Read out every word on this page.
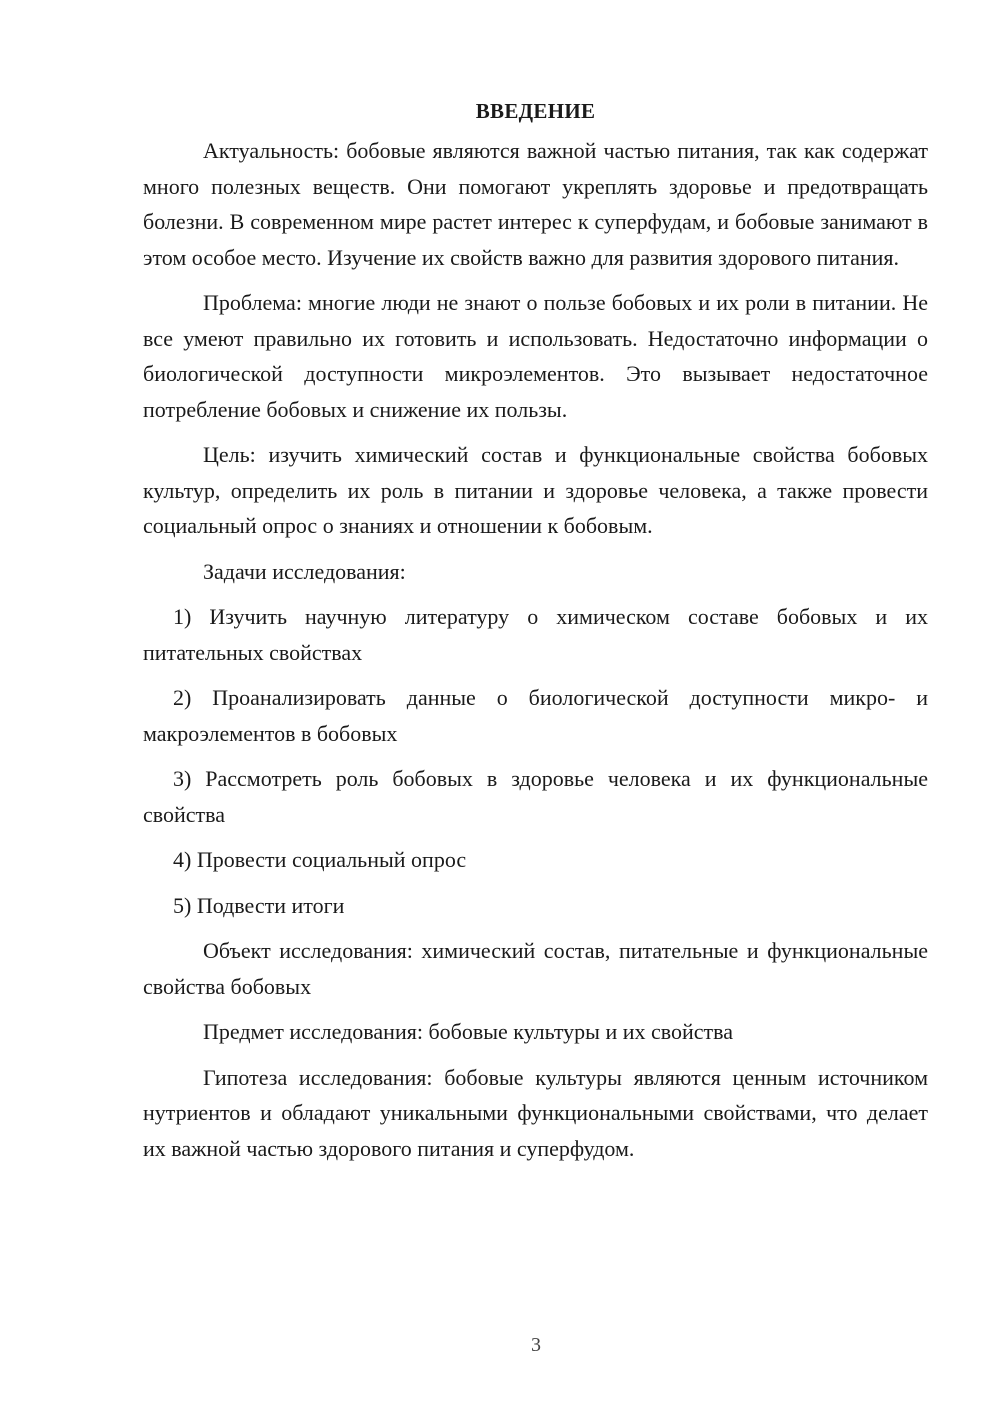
ВВЕДЕНИЕ

Актуальность: бобовые являются важной частью питания, так как содержат много полезных веществ. Они помогают укреплять здоровье и предотвращать болезни. В современном мире растет интерес к суперфудам, и бобовые занимают в этом особое место. Изучение их свойств важно для развития здорового питания.

Проблема: многие люди не знают о пользе бобовых и их роли в питании. Не все умеют правильно их готовить и использовать. Недостаточно информации о биологической доступности микроэлементов. Это вызывает недостаточное потребление бобовых и снижение их пользы.

Цель: изучить химический состав и функциональные свойства бобовых культур, определить их роль в питании и здоровье человека, а также провести социальный опрос о знаниях и отношении к бобовым.

Задачи исследования:

1) Изучить научную литературу о химическом составе бобовых и их питательных свойствах

2) Проанализировать данные о биологической доступности микро- и макроэлементов в бобовых

3) Рассмотреть роль бобовых в здоровье человека и их функциональные свойства

4) Провести социальный опрос

5) Подвести итоги

Объект исследования: химический состав, питательные и функциональные свойства бобовых

Предмет исследования: бобовые культуры и их свойства

Гипотеза исследования: бобовые культуры являются ценным источником нутриентов и обладают уникальными функциональными свойствами, что делает их важной частью здорового питания и суперфудом.

3
